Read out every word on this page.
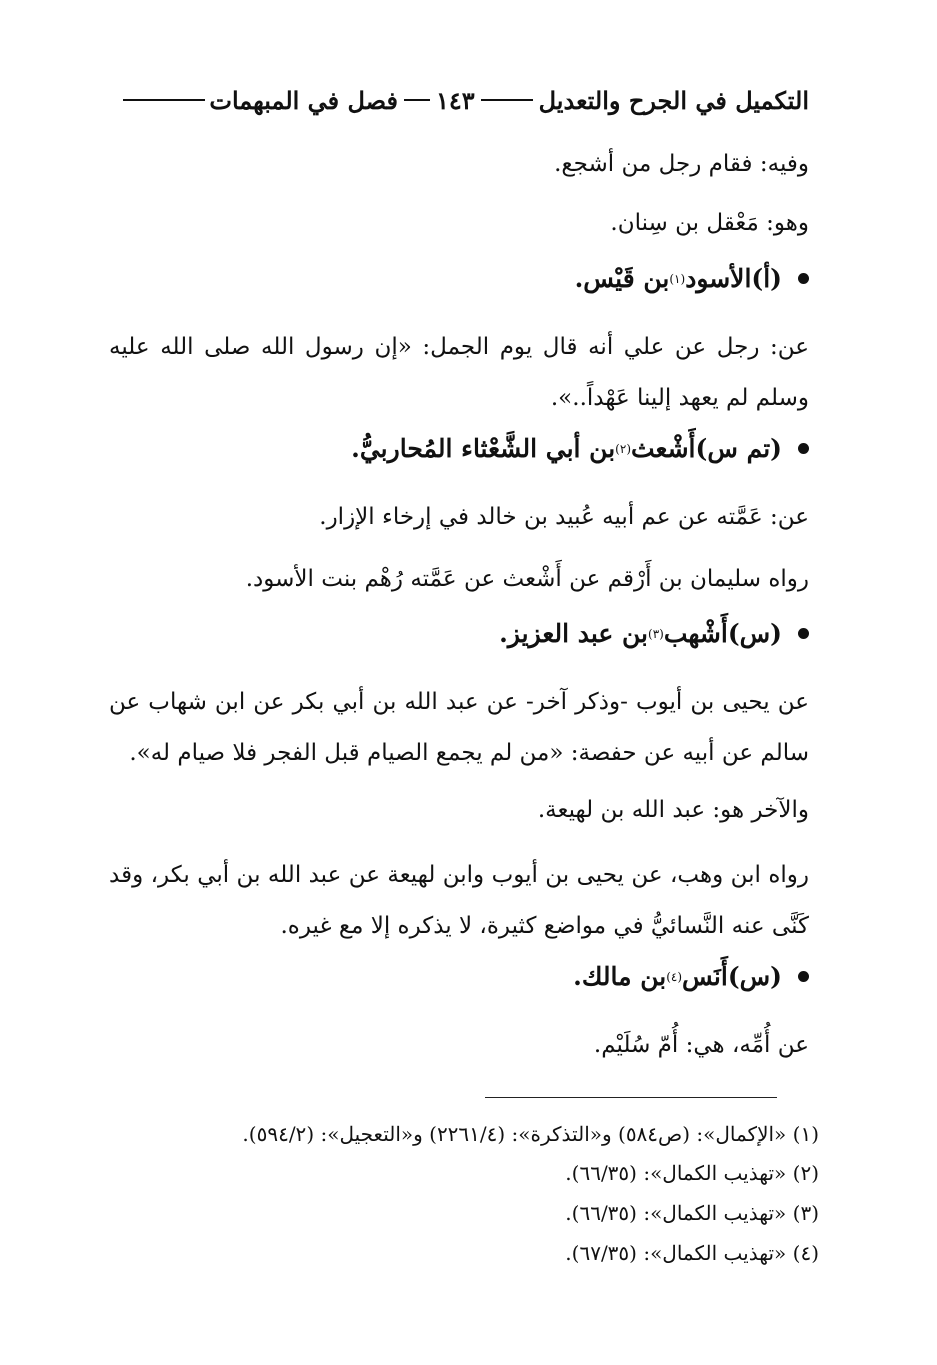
التكميل في الجرح والتعديل
١٤٣
فصل في المبهمات
وفيه: فقام رجل من أشجع.
وهو: مَعْقل بن سِنان.
(أ)
الأسود
(١)
بن قَيْس.
عن: رجل عن علي أنه قال يوم الجمل: «إن رسول الله صلى الله عليه وسلم لم يعهد إلينا عَهْداً..».
(تم س)
أَشْعث
(٢)
بن أبي الشَّعْثاء المُحاربيُّ.
عن: عَمَّته عن عم أبيه عُبيد بن خالد في إرخاء الإزار.
رواه سليمان بن أَرْقم عن أَشْعث عن عَمَّته رُهْم بنت الأسود.
(س)
أَشْهب
(٣)
بن عبد العزيز.
عن يحيى بن أيوب -وذكر آخر- عن عبد الله بن أبي بكر عن ابن شهاب عن سالم عن أبيه عن حفصة: «من لم يجمع الصيام قبل الفجر فلا صيام له».
والآخر هو: عبد الله بن لهيعة.
رواه ابن وهب، عن يحيى بن أيوب وابن لهيعة عن عبد الله بن أبي بكر، وقد كَنَّى عنه النَّسائيُّ في مواضع كثيرة، لا يذكره إلا مع غيره.
(س)
أَنَس
(٤)
بن مالك.
عن أُمِّه، هي: أُمّ سُلَيْم.
(١) «الإكمال»: (ص٥٨٤) و«التذكرة»: (٢٢٦١/٤) و«التعجيل»: (٥٩٤/٢).
(٢) «تهذيب الكمال»: (٦٦/٣٥).
(٣) «تهذيب الكمال»: (٦٦/٣٥).
(٤) «تهذيب الكمال»: (٦٧/٣٥).
